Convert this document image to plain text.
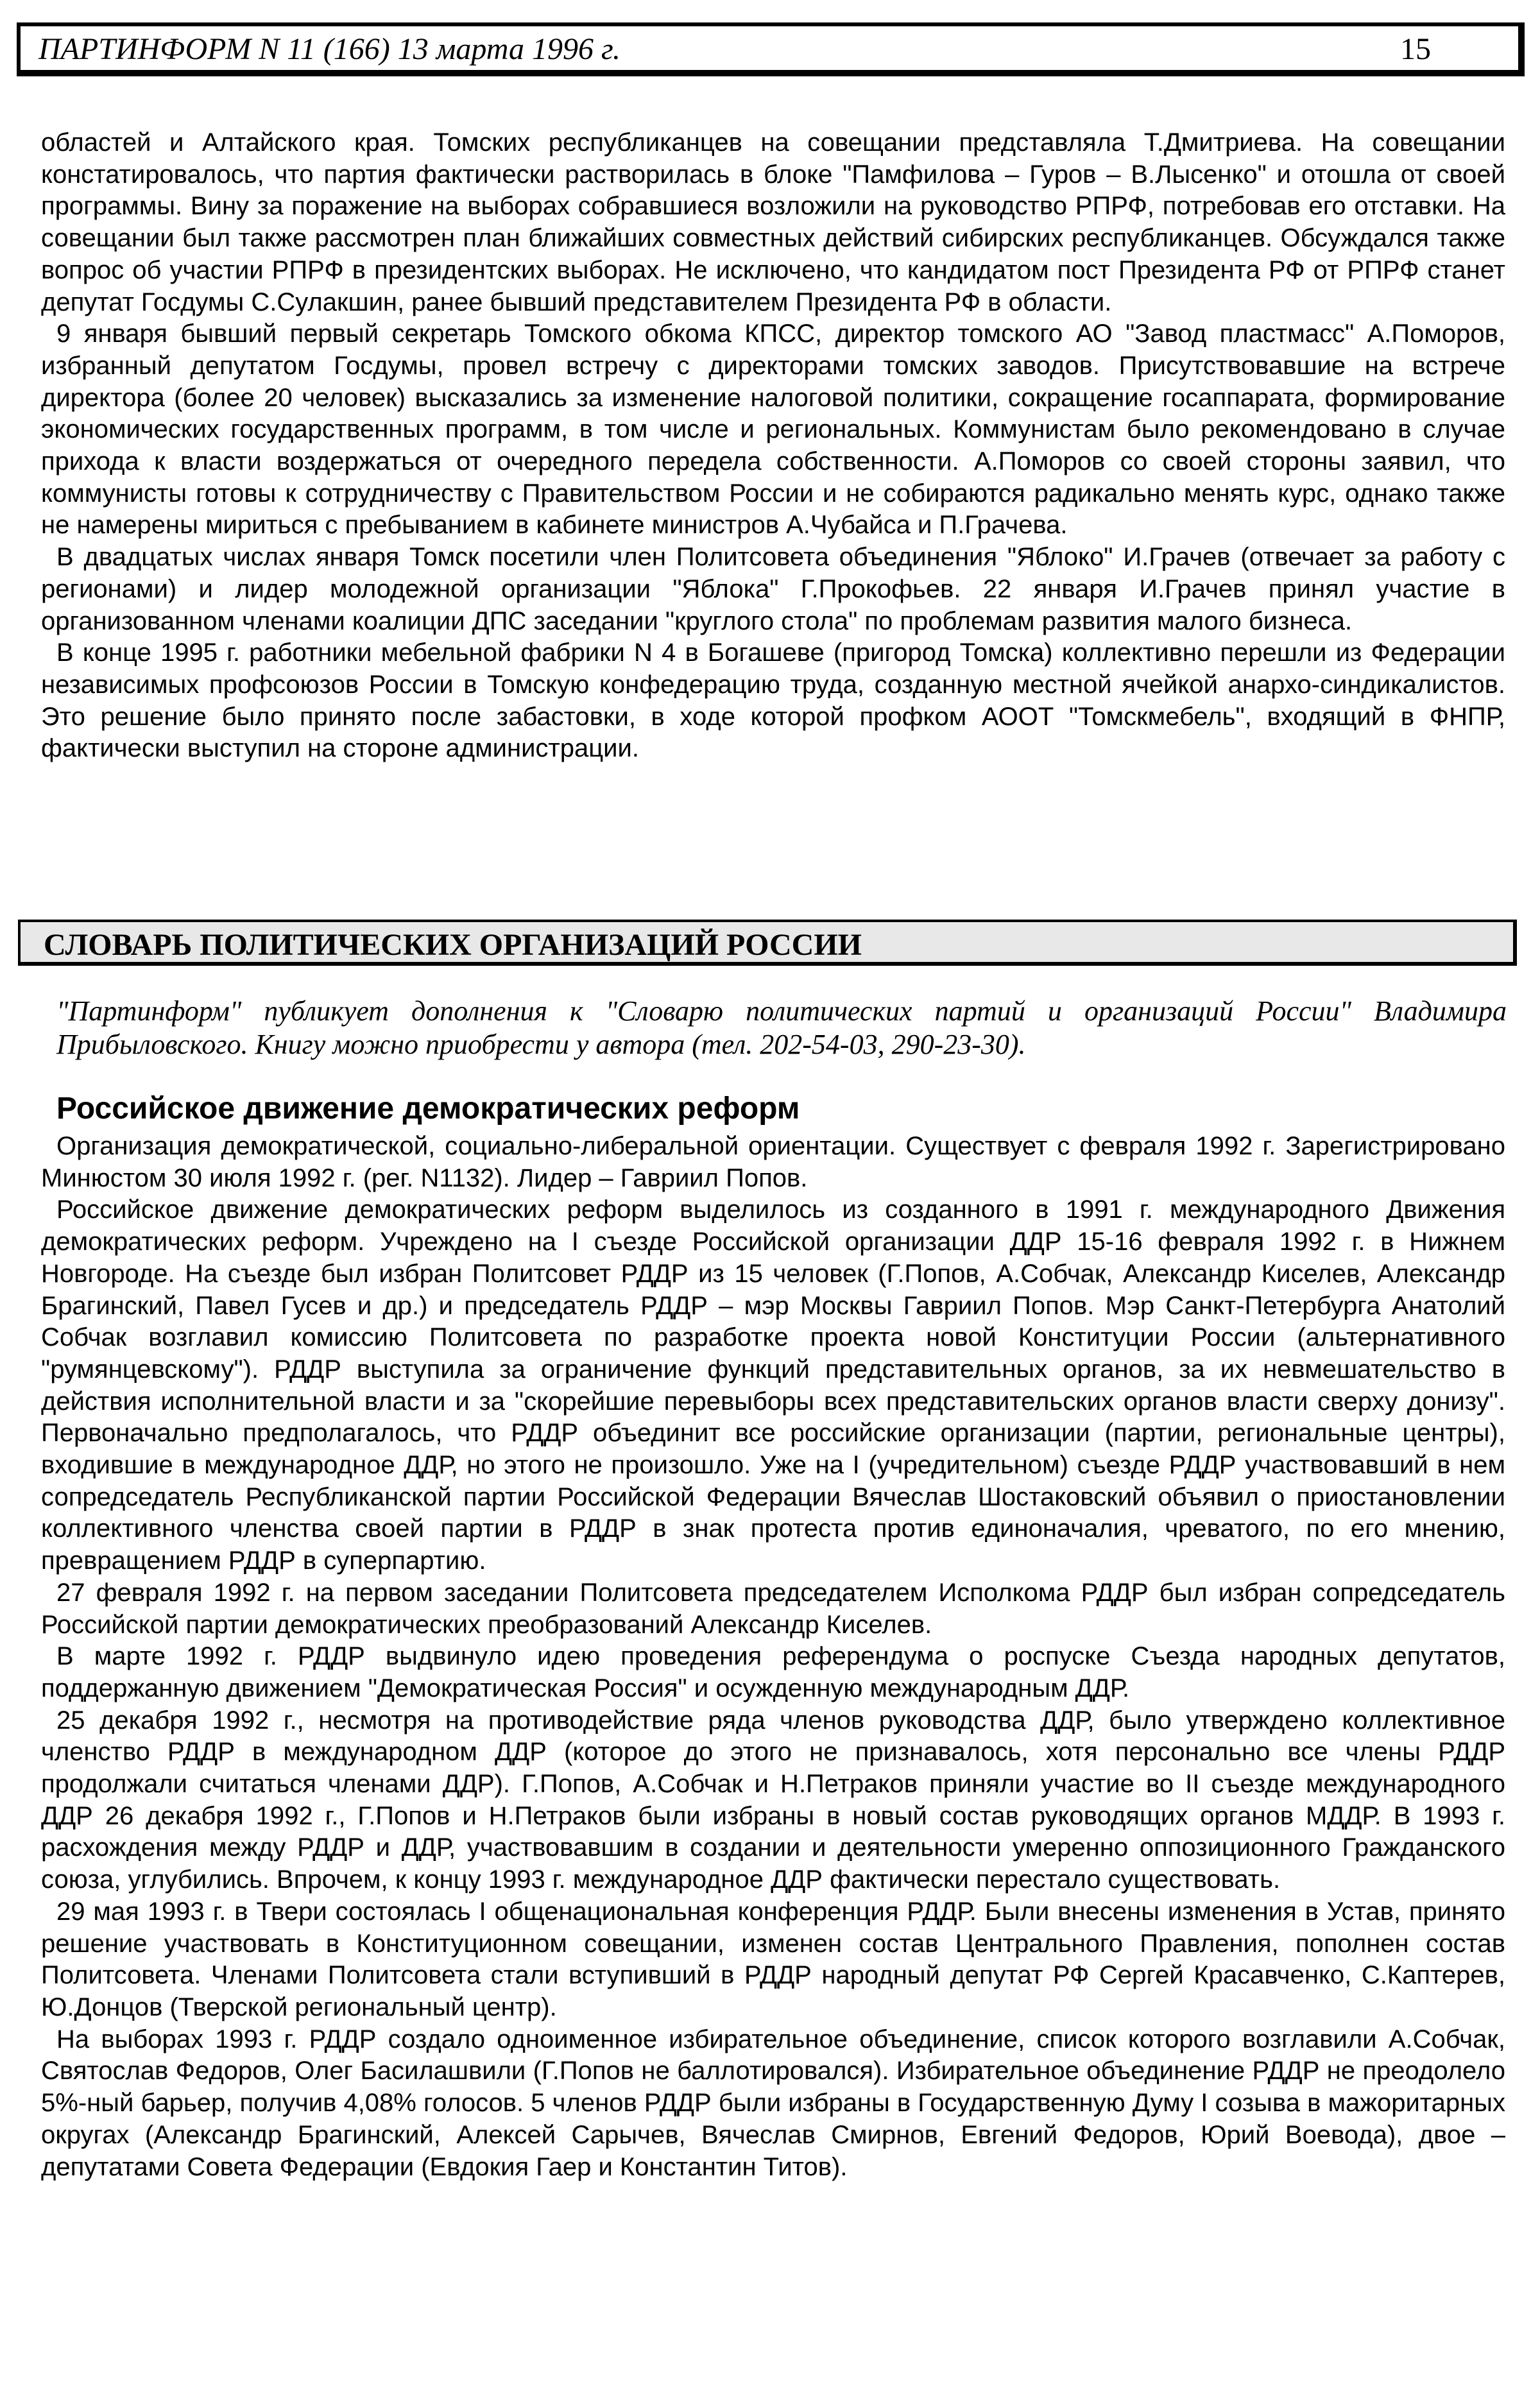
ПАРТИНФОРМ N 11 (166) 13 марта 1996 г.	15

областей и Алтайского края. Томских республиканцев на совещании представляла Т.Дмитриева. На совещании констатировалось, что партия фактически растворилась в блоке "Памфилова – Гуров – В.Лысенко" и отошла от своей программы. Вину за поражение на выборах собравшиеся возложили на руководство РПРФ, потребовав его отставки. На совещании был также рассмотрен план ближайших совместных действий сибирских республиканцев. Обсуждался также вопрос об участии РПРФ в президентских выборах. Не исключено, что кандидатом пост Президента РФ от РПРФ станет депутат Госдумы С.Сулакшин, ранее бывший представителем Президента РФ в области.

9 января бывший первый секретарь Томского обкома КПСС, директор томского АО "Завод пластмасс" А.Поморов, избранный депутатом Госдумы, провел встречу с директорами томских заводов. Присутствовавшие на встрече директора (более 20 человек) высказались за изменение налоговой политики, сокращение госаппарата, формирование экономических государственных программ, в том числе и региональных. Коммунистам было рекомендовано в случае прихода к власти воздержаться от очередного передела собственности. А.Поморов со своей стороны заявил, что коммунисты готовы к сотрудничеству с Правительством России и не собираются радикально менять курс, однако также не намерены мириться с пребыванием в кабинете министров А.Чубайса и П.Грачева.

В двадцатых числах января Томск посетили член Политсовета объединения "Яблоко" И.Грачев (отвечает за работу с регионами) и лидер молодежной организации "Яблока" Г.Прокофьев. 22 января И.Грачев принял участие в организованном членами коалиции ДПС заседании "круглого стола" по проблемам развития малого бизнеса.

В конце 1995 г. работники мебельной фабрики N 4 в Богашеве (пригород Томска) коллективно перешли из Федерации независимых профсоюзов России в Томскую конфедерацию труда, созданную местной ячейкой анархо-синдикалистов. Это решение было принято после забастовки, в ходе которой профком АООТ "Томскмебель", входящий в ФНПР, фактически выступил на стороне администрации.

СЛОВАРЬ ПОЛИТИЧЕСКИХ ОРГАНИЗАЦИЙ РОССИИ

"Партинформ" публикует дополнения к "Словарю политических партий и организаций России" Владимира Прибыловского. Книгу можно приобрести у автора (тел. 202-54-03, 290-23-30).

Российское движение демократических реформ

Организация демократической, социально-либеральной ориентации. Существует с февраля 1992 г. Зарегистрировано Минюстом 30 июля 1992 г. (рег. N1132). Лидер – Гавриил Попов.

Российское движение демократических реформ выделилось из созданного в 1991 г. международного Движения демократических реформ. Учреждено на I съезде Российской организации ДДР 15-16 февраля 1992 г. в Нижнем Новгороде. На съезде был избран Политсовет РДДР из 15 человек (Г.Попов, А.Собчак, Александр Киселев, Александр Брагинский, Павел Гусев и др.) и председатель РДДР – мэр Москвы Гавриил Попов. Мэр Санкт-Петербурга Анатолий Собчак возглавил комиссию Политсовета по разработке проекта новой Конституции России (альтернативного "румянцевскому"). РДДР выступила за ограничение функций представительных органов, за их невмешательство в действия исполнительной власти и за "скорейшие перевыборы всех представительских органов власти сверху донизу". Первоначально предполагалось, что РДДР объединит все российские организации (партии, региональные центры), входившие в международное ДДР, но этого не произошло. Уже на I (учредительном) съезде РДДР участвовавший в нем сопредседатель Республиканской партии Российской Федерации Вячеслав Шостаковский объявил о приостановлении коллективного членства своей партии в РДДР в знак протеста против единоначалия, чреватого, по его мнению, превращением РДДР в суперпартию.

27 февраля 1992 г. на первом заседании Политсовета председателем Исполкома РДДР был избран сопредседатель Российской партии демократических преобразований Александр Киселев.

В марте 1992 г. РДДР выдвинуло идею проведения референдума о роспуске Съезда народных депутатов, поддержанную движением "Демократическая Россия" и осужденную международным ДДР.

25 декабря 1992 г., несмотря на противодействие ряда членов руководства ДДР, было утверждено коллективное членство РДДР в международном ДДР (которое до этого не признавалось, хотя персонально все члены РДДР продолжали считаться членами ДДР). Г.Попов, А.Собчак и Н.Петраков приняли участие во II съезде международного ДДР 26 декабря 1992 г., Г.Попов и Н.Петраков были избраны в новый состав руководящих органов МДДР. В 1993 г. расхождения между РДДР и ДДР, участвовавшим в создании и деятельности умеренно оппозиционного Гражданского союза, углубились. Впрочем, к концу 1993 г. международное ДДР фактически перестало существовать.

29 мая 1993 г. в Твери состоялась I общенациональная конференция РДДР. Были внесены изменения в Устав, принято решение участвовать в Конституционном совещании, изменен состав Центрального Правления, пополнен состав Политсовета. Членами Политсовета стали вступивший в РДДР народный депутат РФ Сергей Красавченко, С.Каптерев, Ю.Донцов (Тверской региональный центр).

На выборах 1993 г. РДДР создало одноименное избирательное объединение, список которого возглавили А.Собчак, Святослав Федоров, Олег Басилашвили (Г.Попов не баллотировался). Избирательное объединение РДДР не преодолело 5%-ный барьер, получив 4,08% голосов. 5 членов РДДР были избраны в Государственную Думу I созыва в мажоритарных округах (Александр Брагинский, Алексей Сарычев, Вячеслав Смирнов, Евгений Федоров, Юрий Воевода), двое – депутатами Совета Федерации (Евдокия Гаер и Константин Титов).
